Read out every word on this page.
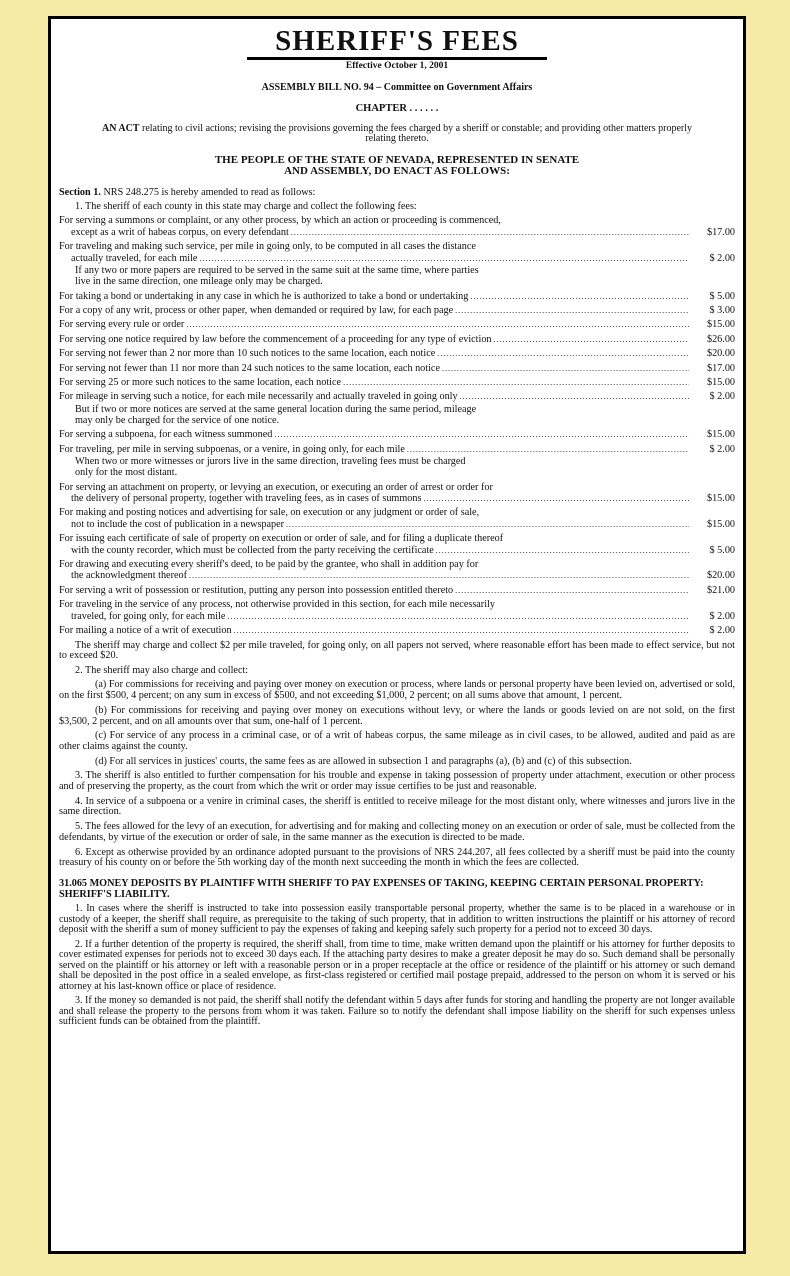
SHERIFF'S FEES
Effective October 1, 2001
ASSEMBLY BILL NO. 94 – Committee on Government Affairs
CHAPTER . . . . . .
AN ACT relating to civil actions; revising the provisions governing the fees charged by a sheriff or constable; and providing other matters properly relating thereto.
THE PEOPLE OF THE STATE OF NEVADA, REPRESENTED IN SENATE
AND ASSEMBLY, DO ENACT AS FOLLOWS:
Section 1. NRS 248.275 is hereby amended to read as follows:
1. The sheriff of each county in this state may charge and collect the following fees:
For serving a summons or complaint, or any other process, by which an action or proceeding is commenced,
except as a writ of habeas corpus, on every defendant .....	$17.00
For traveling and making such service, per mile in going only, to be computed in all cases the distance
actually traveled, for each mile .....	$ 2.00
If any two or more papers are required to be served in the same suit at the same time, where parties
live in the same direction, one mileage only may be charged.
For taking a bond or undertaking in any case in which he is authorized to take a bond or undertaking .....	$ 5.00
For a copy of any writ, process or other paper, when demanded or required by law, for each page .....	$ 3.00
For serving every rule or order .....	$15.00
For serving one notice required by law before the commencement of a proceeding for any type of eviction .....	$26.00
For serving not fewer than 2 nor more than 10 such notices to the same location, each notice .....	$20.00
For serving not fewer than 11 nor more than 24 such notices to the same location, each notice .....	$17.00
For serving 25 or more such notices to the same location, each notice .....	$15.00
For mileage in serving such a notice, for each mile necessarily and actually traveled in going only .....	$ 2.00
But if two or more notices are served at the same general location during the same period, mileage
may only be charged for the service of one notice.
For serving a subpoena, for each witness summoned .....	$15.00
For traveling, per mile in serving subpoenas, or a venire, in going only, for each mile .....	$ 2.00
When two or more witnesses or jurors live in the same direction, traveling fees must be charged
only for the most distant.
For serving an attachment on property, or levying an execution, or executing an order of arrest or order for
the delivery of personal property, together with traveling fees, as in cases of summons .....	$15.00
For making and posting notices and advertising for sale, on execution or any judgment or order of sale,
not to include the cost of publication in a newspaper .....	$15.00
For issuing each certificate of sale of property on execution or order of sale, and for filing a duplicate thereof
with the county recorder, which must be collected from the party receiving the certificate .....	$ 5.00
For drawing and executing every sheriff's deed, to be paid by the grantee, who shall in addition pay for
the acknowledgment thereof .....	$20.00
For serving a writ of possession or restitution, putting any person into possession entitled thereto .....	$21.00
For traveling in the service of any process, not otherwise provided in this section, for each mile necessarily
traveled, for going only, for each mile .....	$ 2.00
For mailing a notice of a writ of execution .....	$ 2.00
The sheriff may charge and collect $2 per mile traveled, for going only, on all papers not served, where reasonable effort has been made to effect service, but not to exceed $20.
2. The sheriff may also charge and collect:
(a) For commissions for receiving and paying over money on execution or process, where lands or personal property have been levied on, advertised or sold, on the first $500, 4 percent; on any sum in excess of $500, and not exceeding $1,000, 2 percent; on all sums above that amount, 1 percent.
(b) For commissions for receiving and paying over money on executions without levy, or where the lands or goods levied on are not sold, on the first $3,500, 2 percent, and on all amounts over that sum, one-half of 1 percent.
(c) For service of any process in a criminal case, or of a writ of habeas corpus, the same mileage as in civil cases, to be allowed, audited and paid as are other claims against the county.
(d) For all services in justices' courts, the same fees as are allowed in subsection 1 and paragraphs (a), (b) and (c) of this subsection.
3. The sheriff is also entitled to further compensation for his trouble and expense in taking possession of property under attachment, execution or other process and of preserving the property, as the court from which the writ or order may issue certifies to be just and reasonable.
4. In service of a subpoena or a venire in criminal cases, the sheriff is entitled to receive mileage for the most distant only, where witnesses and jurors live in the same direction.
5. The fees allowed for the levy of an execution, for advertising and for making and collecting money on an execution or order of sale, must be collected from the defendants, by virtue of the execution or order of sale, in the same manner as the execution is directed to be made.
6. Except as otherwise provided by an ordinance adopted pursuant to the provisions of NRS 244.207, all fees collected by a sheriff must be paid into the county treasury of his county on or before the 5th working day of the month next succeeding the month in which the fees are collected.
31.065 MONEY DEPOSITS BY PLAINTIFF WITH SHERIFF TO PAY EXPENSES OF TAKING, KEEPING CERTAIN PERSONAL PROPERTY: SHERIFF'S LIABILITY.
1. In cases where the sheriff is instructed to take into possession easily transportable personal property, whether the same is to be placed in a warehouse or in custody of a keeper, the sheriff shall require, as prerequisite to the taking of such property, that in addition to written instructions the plaintiff or his attorney of record deposit with the sheriff a sum of money sufficient to pay the expenses of taking and keeping safely such property for a period not to exceed 30 days.
2. If a further detention of the property is required, the sheriff shall, from time to time, make written demand upon the plaintiff or his attorney for further deposits to cover estimated expenses for periods not to exceed 30 days each. If the attaching party desires to make a greater deposit he may do so. Such demand shall be personally served on the plaintiff or his attorney or left with a reasonable person or in a proper receptacle at the office or residence of the plaintiff or his attorney or such demand shall be deposited in the post office in a sealed envelope, as first-class registered or certified mail postage prepaid, addressed to the person on whom it is served or his attorney at his last-known office or place of residence.
3. If the money so demanded is not paid, the sheriff shall notify the defendant within 5 days after funds for storing and handling the property are not longer available and shall release the property to the persons from whom it was taken. Failure so to notify the defendant shall impose liability on the sheriff for such expenses unless sufficient funds can be obtained from the plaintiff.
